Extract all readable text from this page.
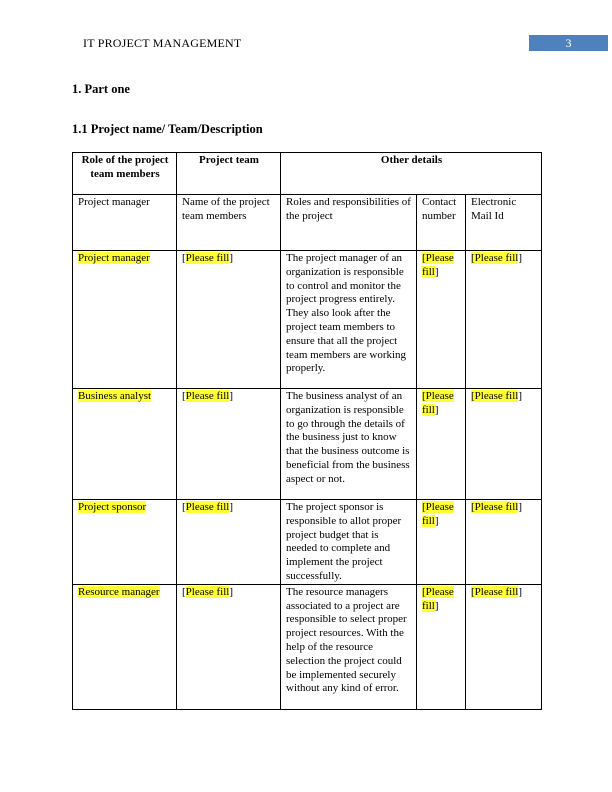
IT PROJECT MANAGEMENT	3
1. Part one
1.1 Project name/ Team/Description
Role of the project team members	Project team	Other details		
Project manager	Name of the project team members	Roles and responsibilities of the project	Contact number	Electronic Mail Id
Project manager	[Please fill]	The project manager of an organization is responsible to control and monitor the project progress entirely. They also look after the project team members to ensure that all the project team members are working properly.	[Please fill]	[Please fill]
Business analyst	[Please fill]	The business analyst of an organization is responsible to go through the details of the business just to know that the business outcome is beneficial from the business aspect or not.	[Please fill]	[Please fill]
Project sponsor	[Please fill]	The project sponsor is responsible to allot proper project budget that is needed to complete and implement the project successfully.	[Please fill]	[Please fill]
Resource manager	[Please fill]	The resource managers associated to a project are responsible to select proper project resources. With the help of the resource selection the project could be implemented securely without any kind of error.	[Please fill]	[Please fill]
